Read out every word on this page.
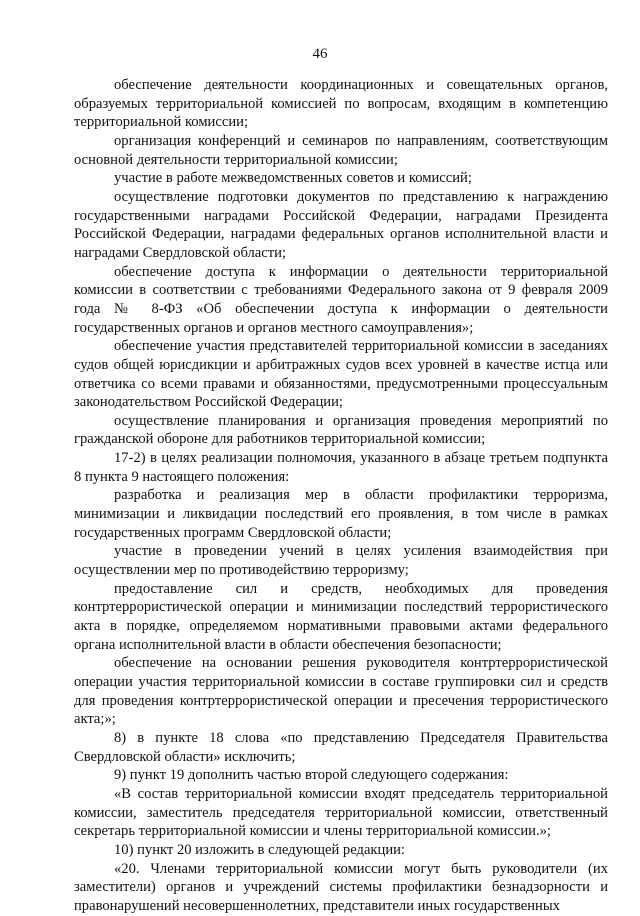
46

обеспечение деятельности координационных и совещательных органов, образуемых территориальной комиссией по вопросам, входящим в компетенцию территориальной комиссии;

организация конференций и семинаров по направлениям, соответствующим основной деятельности территориальной комиссии;

участие в работе межведомственных советов и комиссий;

осуществление подготовки документов по представлению к награждению государственными наградами Российской Федерации, наградами Президента Российской Федерации, наградами федеральных органов исполнительной власти и наградами Свердловской области;

обеспечение доступа к информации о деятельности территориальной комиссии в соответствии с требованиями Федерального закона от 9 февраля 2009 года № 8-ФЗ «Об обеспечении доступа к информации о деятельности государственных органов и органов местного самоуправления»;

обеспечение участия представителей территориальной комиссии в заседаниях судов общей юрисдикции и арбитражных судов всех уровней в качестве истца или ответчика со всеми правами и обязанностями, предусмотренными процессуальным законодательством Российской Федерации;

осуществление планирования и организация проведения мероприятий по гражданской обороне для работников территориальной комиссии;

17-2) в целях реализации полномочия, указанного в абзаце третьем подпункта 8 пункта 9 настоящего положения:

разработка и реализация мер в области профилактики терроризма, минимизации и ликвидации последствий его проявления, в том числе в рамках государственных программ Свердловской области;

участие в проведении учений в целях усиления взаимодействия при осуществлении мер по противодействию терроризму;

предоставление сил и средств, необходимых для проведения контртеррористической операции и минимизации последствий террористического акта в порядке, определяемом нормативными правовыми актами федерального органа исполнительной власти в области обеспечения безопасности;

обеспечение на основании решения руководителя контртеррористической операции участия территориальной комиссии в составе группировки сил и средств для проведения контртеррористической операции и пресечения террористического акта;»;

8) в пункте 18 слова «по представлению Председателя Правительства Свердловской области» исключить;

9) пункт 19 дополнить частью второй следующего содержания:

«В состав территориальной комиссии входят председатель территориальной комиссии, заместитель председателя территориальной комиссии, ответственный секретарь территориальной комиссии и члены территориальной комиссии.»;

10) пункт 20 изложить в следующей редакции:

«20. Членами территориальной комиссии могут быть руководители (их заместители) органов и учреждений системы профилактики безнадзорности и правонарушений несовершеннолетних, представители иных государственных
